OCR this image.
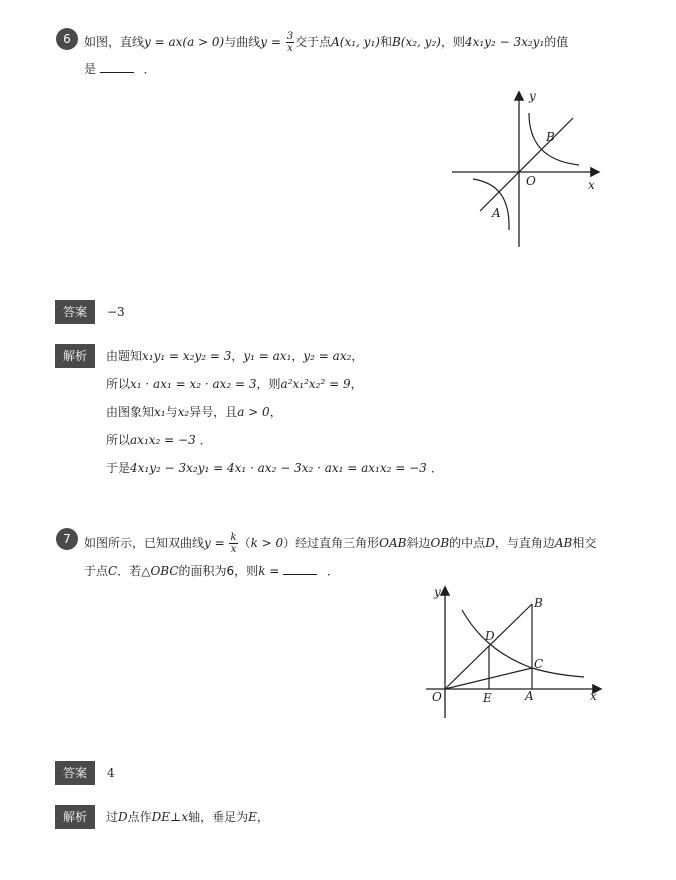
6	如图，直线y = ax(a > 0)与曲线$y = \frac{3}{x}$ 交于点A(x₁, y₁)和B(x₂, y₂)，则4x₁y₂ − 3x₂y₁的值
是	．
y
x
O
A
B
答案	−3
解析	由题知x₁y₁ = x₂y₂ = 3，y₁ = ax₁，y₂ = ax₂，
所以x₁ · ax₁ = x₂ · ax₂ = 3，则a²x₁²x₂² = 9，
由图象知x₁与x₂异号，且a > 0，
所以ax₁x₂ = −3 ．
于是4x₁y₂ − 3x₂y₁ = 4x₁ · ax₂ − 3x₂ · ax₁ = ax₁x₂ = −3 ．
7	如图所示，已知双曲线$y = \frac{k}{x} (k > 0)$经过直角三角形OAB斜边OB的中点D，与直角边AB相交
于点C．若△OBC的面积为6，则k =	．
y
x
O	A
B
C
D
E
答案	4
解析	过D点作DE⊥x轴，垂足为E，
